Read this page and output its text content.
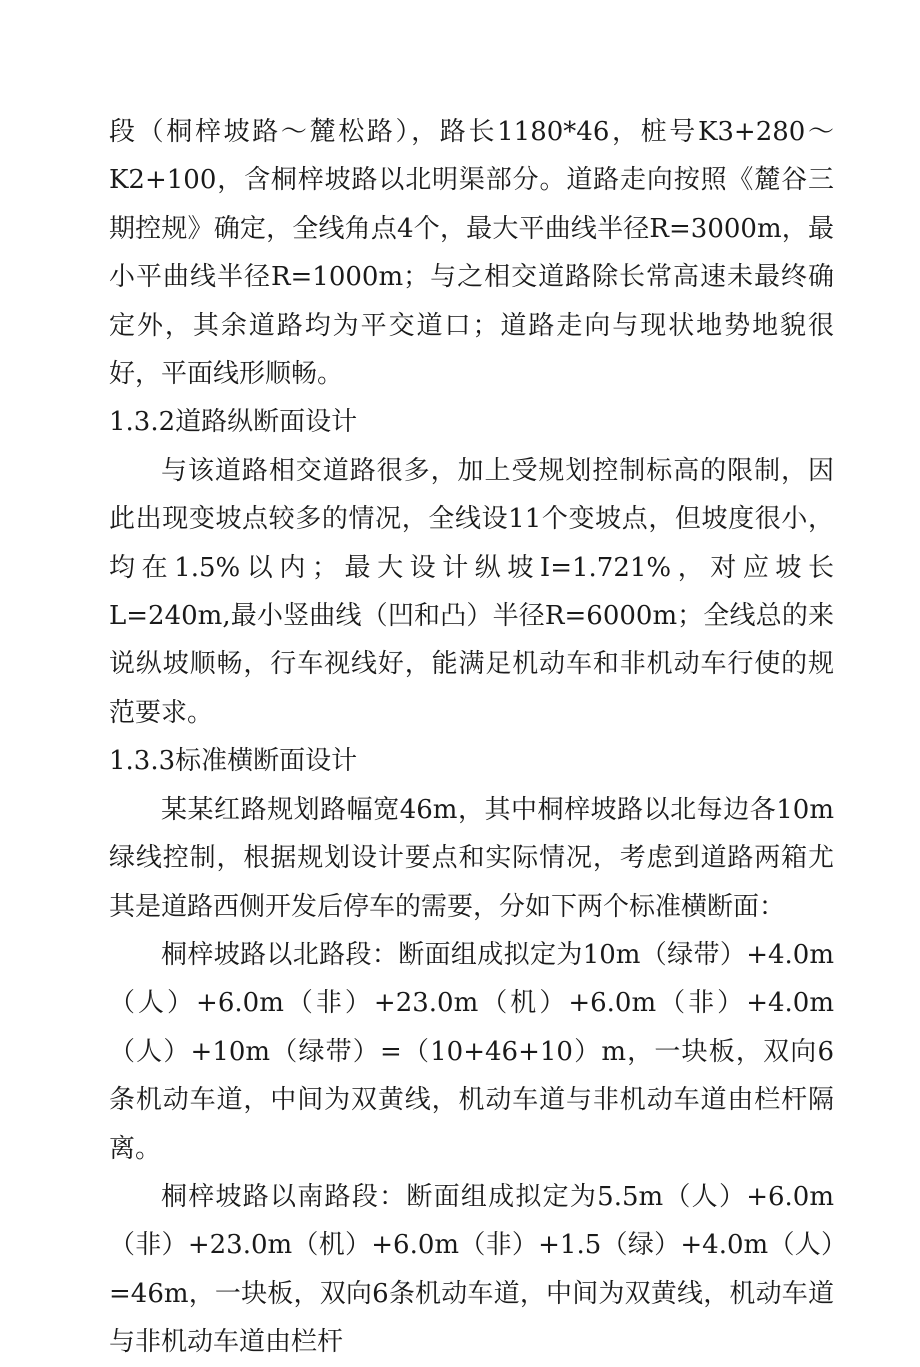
段（桐梓坡路～麓松路），路长1180*46，桩号K3+280～K2+100，含桐梓坡路以北明渠部分。道路走向按照《麓谷三期控规》确定，全线角点4个，最大平曲线半径R=3000m，最小平曲线半径R=1000m；与之相交道路除长常高速未最终确定外，其余道路均为平交道口；道路走向与现状地势地貌很好，平面线形顺畅。

1.3.2道路纵断面设计

与该道路相交道路很多，加上受规划控制标高的限制，因此出现变坡点较多的情况，全线设11个变坡点，但坡度很小，均在1.5%以内；最大设计纵坡I=1.721%，对应坡长L=240m,最小竖曲线（凹和凸）半径R=6000m；全线总的来说纵坡顺畅，行车视线好，能满足机动车和非机动车行使的规范要求。

1.3.3标准横断面设计

某某红路规划路幅宽46m，其中桐梓坡路以北每边各10m绿线控制，根据规划设计要点和实际情况，考虑到道路两箱尤其是道路西侧开发后停车的需要，分如下两个标准横断面：

桐梓坡路以北路段：断面组成拟定为10m（绿带）+4.0m（人）+6.0m（非）+23.0m（机）+6.0m（非）+4.0m（人）+10m（绿带）=（10+46+10）m，一块板，双向6条机动车道，中间为双黄线，机动车道与非机动车道由栏杆隔离。

桐梓坡路以南路段：断面组成拟定为5.5m（人）+6.0m（非）+23.0m（机）+6.0m（非）+1.5（绿）+4.0m（人）=46m，一块板，双向6条机动车道，中间为双黄线，机动车道与非机动车道由栏杆
